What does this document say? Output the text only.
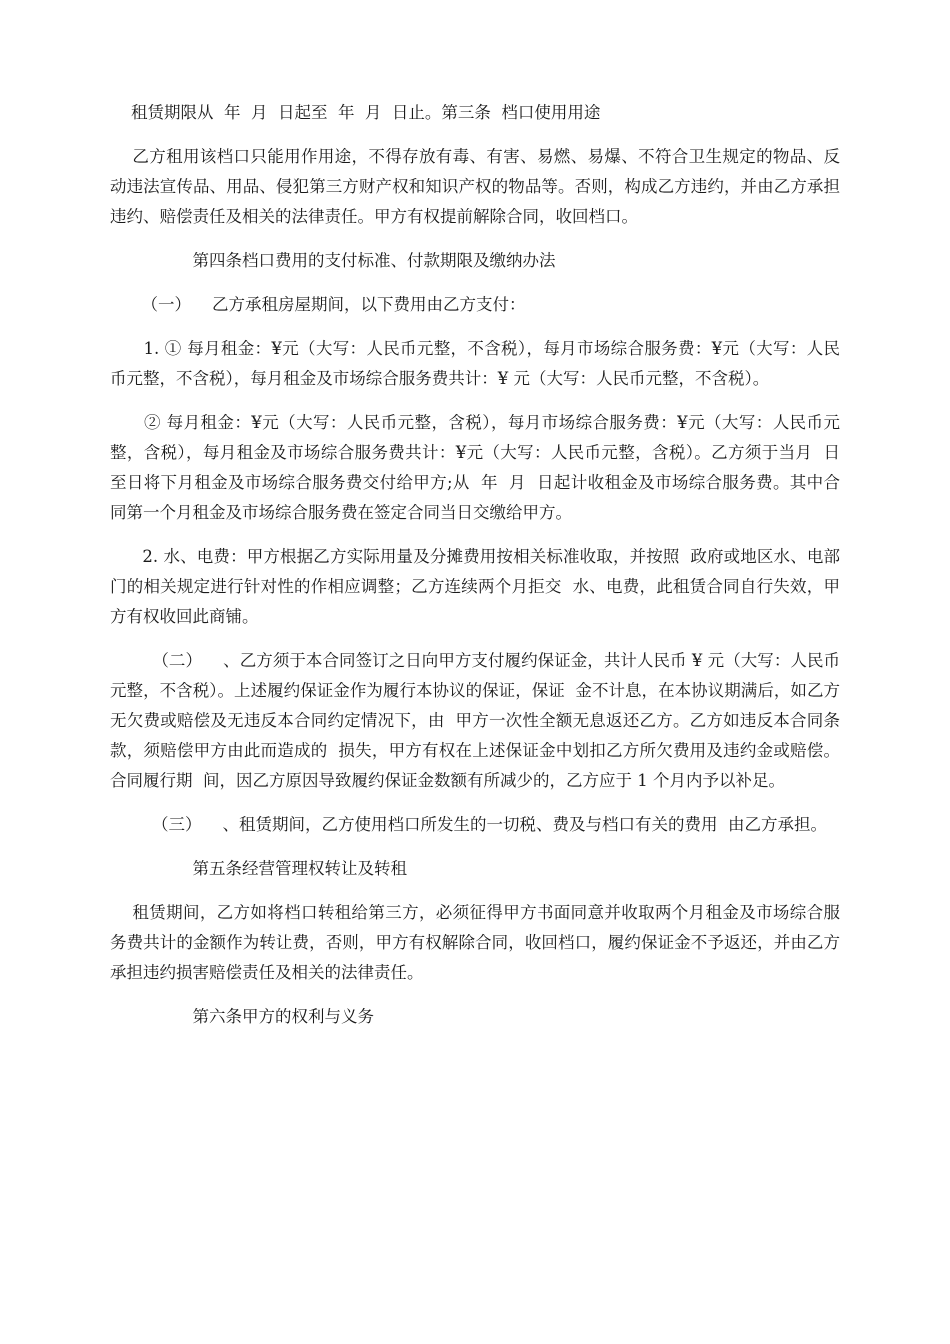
租赁期限从  年  月  日起至  年  月  日止。第三条  档口使用用途

乙方租用该档口只能用作用途，不得存放有毒、有害、易燃、易爆、不符合卫生规定的物品、反动违法宣传品、用品、侵犯第三方财产权和知识产权的物品等。否则，构成乙方违约，并由乙方承担违约、赔偿责任及相关的法律责任。甲方有权提前解除合同，收回档口。

第四条档口费用的支付标准、付款期限及缴纳办法

（一）    乙方承租房屋期间，以下费用由乙方支付：

1. ① 每月租金：¥元（大写：人民币元整，不含税），每月市场综合服务费：¥元（大写：人民币元整，不含税），每月租金及市场综合服务费共计：¥ 元（大写：人民币元整，不含税）。

② 每月租金：¥元（大写：人民币元整，含税），每月市场综合服务费：¥元（大写：人民币元整，含税），每月租金及市场综合服务费共计：¥元（大写：人民币元整，含税）。乙方须于当月  日至日将下月租金及市场综合服务费交付给甲方;从  年  月  日起计收租金及市场综合服务费。其中合同第一个月租金及市场综合服务费在签定合同当日交缴给甲方。

2. 水、电费：甲方根据乙方实际用量及分摊费用按相关标准收取，并按照  政府或地区水、电部门的相关规定进行针对性的作相应调整；乙方连续两个月拒交  水、电费，此租赁合同自行失效，甲方有权收回此商铺。

（二）    、乙方须于本合同签订之日向甲方支付履约保证金，共计人民币 ¥ 元（大写：人民币元整，不含税）。上述履约保证金作为履行本协议的保证，保证  金不计息，在本协议期满后，如乙方无欠费或赔偿及无违反本合同约定情况下，由  甲方一次性全额无息返还乙方。乙方如违反本合同条款，须赔偿甲方由此而造成的  损失，甲方有权在上述保证金中划扣乙方所欠费用及违约金或赔偿。合同履行期  间，因乙方原因导致履约保证金数额有所减少的，乙方应于 1 个月内予以补足。

（三）    、租赁期间，乙方使用档口所发生的一切税、费及与档口有关的费用  由乙方承担。

第五条经营管理权转让及转租

租赁期间，乙方如将档口转租给第三方，必须征得甲方书面同意并收取两个月租金及市场综合服务费共计的金额作为转让费，否则，甲方有权解除合同，收回档口，履约保证金不予返还，并由乙方承担违约损害赔偿责任及相关的法律责任。

第六条甲方的权利与义务
